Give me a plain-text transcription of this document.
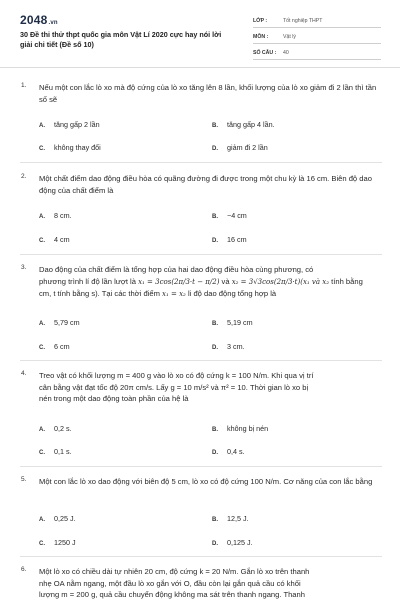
2048.vn
30 Đề thi thử thpt quốc gia môn Vật Lí 2020 cực hay nói lời giải chi tiết (Đề số 10)
LỚP :	Tốt nghiệp THPT
MÔN :	Vật lý
SỐ CÂU :	40
1. Nếu một con lắc lò xo mà độ cứng của lò xo tăng lên 8 lần, khối lượng của lò xo giảm đi 2 lần thì tần số sẽ
A. tăng gấp 2 lần	B. tăng gấp 4 lần.
C. không thay đổi	D. giảm đi 2 lần
2. Một chất điểm dao động điều hòa có quãng đường đi được trong một chu kỳ là 16 cm. Biên độ dao động của chất điểm là
A. 8 cm.	B. −4 cm
C. 4 cm	D. 16 cm
3. Dao động của chất điểm là tổng hợp của hai dao động điều hòa cùng phương, có
phương trình lí độ lần lượt là x₁ = 3cos(2π/3·t − π/2) và x₂ = 3√3cos(2π/3·t)(x₁ và x₂ tính bằng
cm, t tính bằng s). Tại các thời điểm x₁ = x₂ li độ dao động tổng hợp là
A. 5,79 cm	B. 5,19 cm
C. 6 cm	D. 3 cm.
4. Treo vật có khối lượng m = 400 g vào lò xo có độ cứng k = 100 N/m. Khi qua vị trí
cân bằng vật đạt tốc độ 20π cm/s. Lấy g = 10 m/s² và π² = 10. Thời gian lò xo bị
nén trong một dao động toàn phần của hệ là
A. 0,2 s.	B. không bị nén
C. 0,1 s.	D. 0,4 s.
5. Một con lắc lò xo dao động với biên độ 5 cm, lò xo có độ cứng 100 N/m. Cơ năng của con lắc bằng
A. 0,25 J.	B. 12,5 J.
C. 1250 J	D. 0,125 J.
6. Một lò xo có chiều dài tự nhiên 20 cm, độ cứng k = 20 N/m. Gắn lò xo trên thanh
nhẹ OA nằm ngang, một đầu lò xo gắn với O, đầu còn lại gắn quả cầu có khối
lượng m = 200 g, quả cầu chuyển động không ma sát trên thanh ngang. Thanh
